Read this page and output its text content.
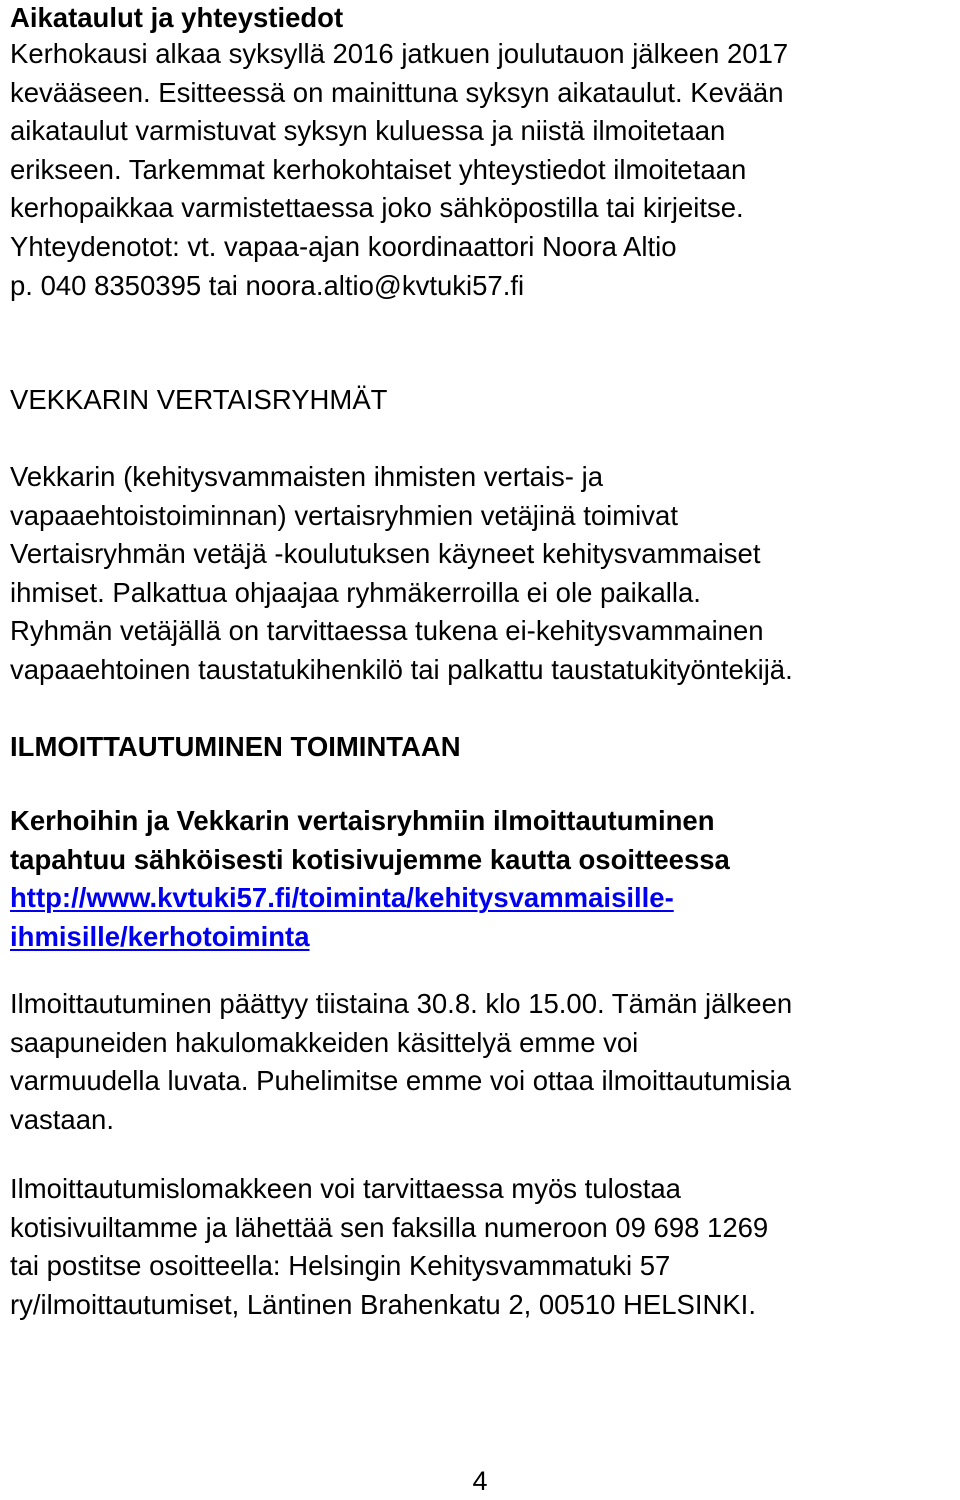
Aikataulut ja yhteystiedot
Kerhokausi alkaa syksyllä 2016 jatkuen joulutauon jälkeen 2017
kevääseen. Esitteessä on mainittuna syksyn aikataulut. Kevään
aikataulut varmistuvat syksyn kuluessa ja niistä ilmoitetaan
erikseen. Tarkemmat kerhokohtaiset yhteystiedot ilmoitetaan
kerhopaikkaa varmistettaessa joko sähköpostilla tai kirjeitse.
Yhteydenotot: vt. vapaa-ajan koordinaattori Noora Altio
p. 040 8350395 tai noora.altio@kvtuki57.fi
VEKKARIN VERTAISRYHMÄT
Vekkarin (kehitysvammaisten ihmisten vertais- ja
vapaaehtoistoiminnan) vertaisryhmien vetäjinä toimivat
Vertaisryhmän vetäjä -koulutuksen käyneet kehitysvammaiset
ihmiset. Palkattua ohjaajaa ryhmäkerroilla ei ole paikalla.
Ryhmän vetäjällä on tarvittaessa tukena ei-kehitysvammainen
vapaaehtoinen taustatukihenkilö tai palkattu taustatukityöntekijä.
ILMOITTAUTUMINEN TOIMINTAAN
Kerhoihin ja Vekkarin vertaisryhmiin ilmoittautuminen
tapahtuu sähköisesti kotisivujemme kautta osoitteessa
http://www.kvtuki57.fi/toiminta/kehitysvammaisille-
ihmisille/kerhotoiminta
Ilmoittautuminen päättyy tiistaina 30.8. klo 15.00. Tämän jälkeen
saapuneiden hakulomakkeiden käsittelyä emme voi
varmuudella luvata. Puhelimitse emme voi ottaa ilmoittautumisia
vastaan.
Ilmoittautumislomakkeen voi tarvittaessa myös tulostaa
kotisivuiltamme ja lähettää sen faksilla numeroon 09 698 1269
tai postitse osoitteella: Helsingin Kehitysvammatuki 57
ry/ilmoittautumiset, Läntinen Brahenkatu 2, 00510 HELSINKI.
4
